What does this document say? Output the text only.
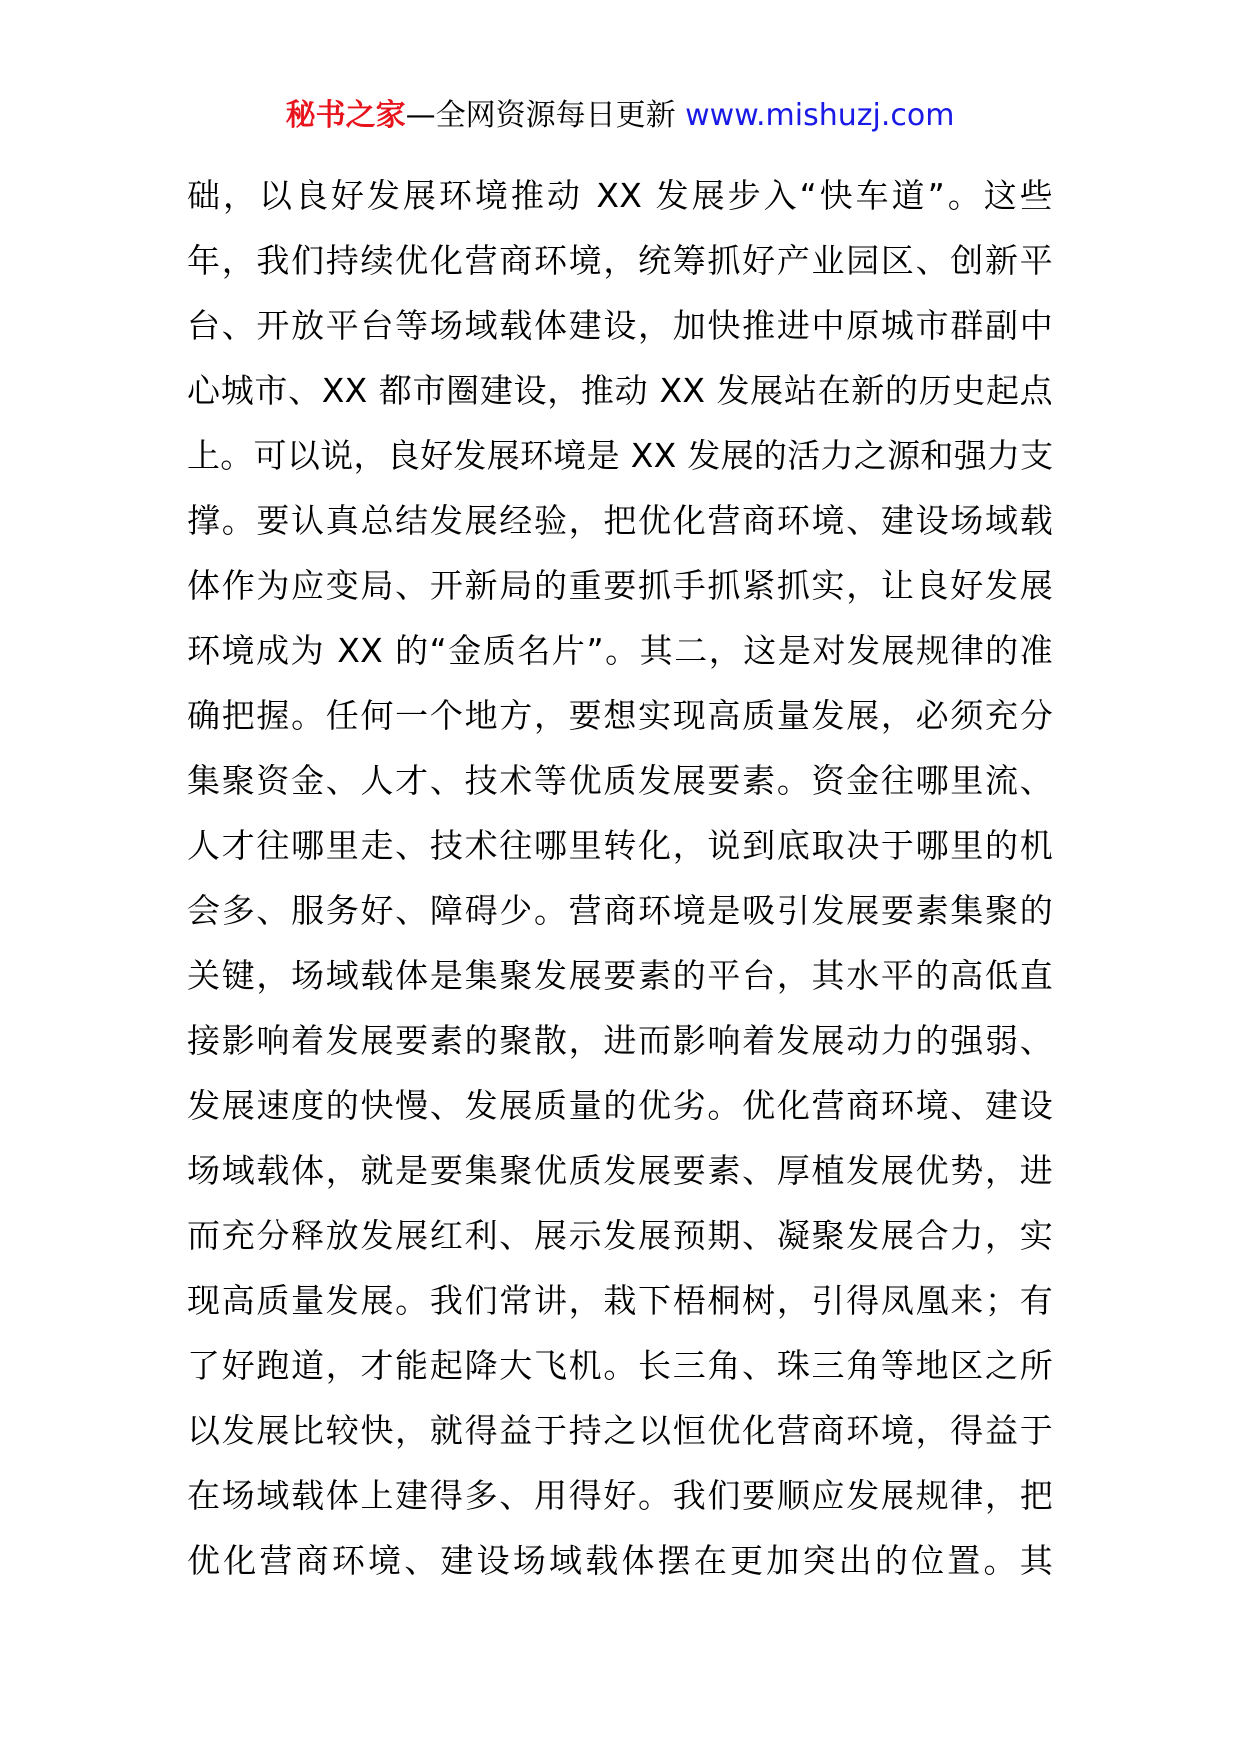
秘书之家—全网资源每日更新 www.mishuzj.com
础，以良好发展环境推动 XX 发展步入“快车道”。这些
年，我们持续优化营商环境，统筹抓好产业园区、创新平
台、开放平台等场域载体建设，加快推进中原城市群副中
心城市、XX 都市圈建设，推动 XX 发展站在新的历史起点
上。可以说，良好发展环境是 XX 发展的活力之源和强力支
撑。要认真总结发展经验，把优化营商环境、建设场域载
体作为应变局、开新局的重要抓手抓紧抓实，让良好发展
环境成为 XX 的“金质名片”。其二，这是对发展规律的准
确把握。任何一个地方，要想实现高质量发展，必须充分
集聚资金、人才、技术等优质发展要素。资金往哪里流、
人才往哪里走、技术往哪里转化，说到底取决于哪里的机
会多、服务好、障碍少。营商环境是吸引发展要素集聚的
关键，场域载体是集聚发展要素的平台，其水平的高低直
接影响着发展要素的聚散，进而影响着发展动力的强弱、
发展速度的快慢、发展质量的优劣。优化营商环境、建设
场域载体，就是要集聚优质发展要素、厚植发展优势，进
而充分释放发展红利、展示发展预期、凝聚发展合力，实
现高质量发展。我们常讲，栽下梧桐树，引得凤凰来；有
了好跑道，才能起降大飞机。长三角、珠三角等地区之所
以发展比较快，就得益于持之以恒优化营商环境，得益于
在场域载体上建得多、用得好。我们要顺应发展规律，把
优化营商环境、建设场域载体摆在更加突出的位置。其
